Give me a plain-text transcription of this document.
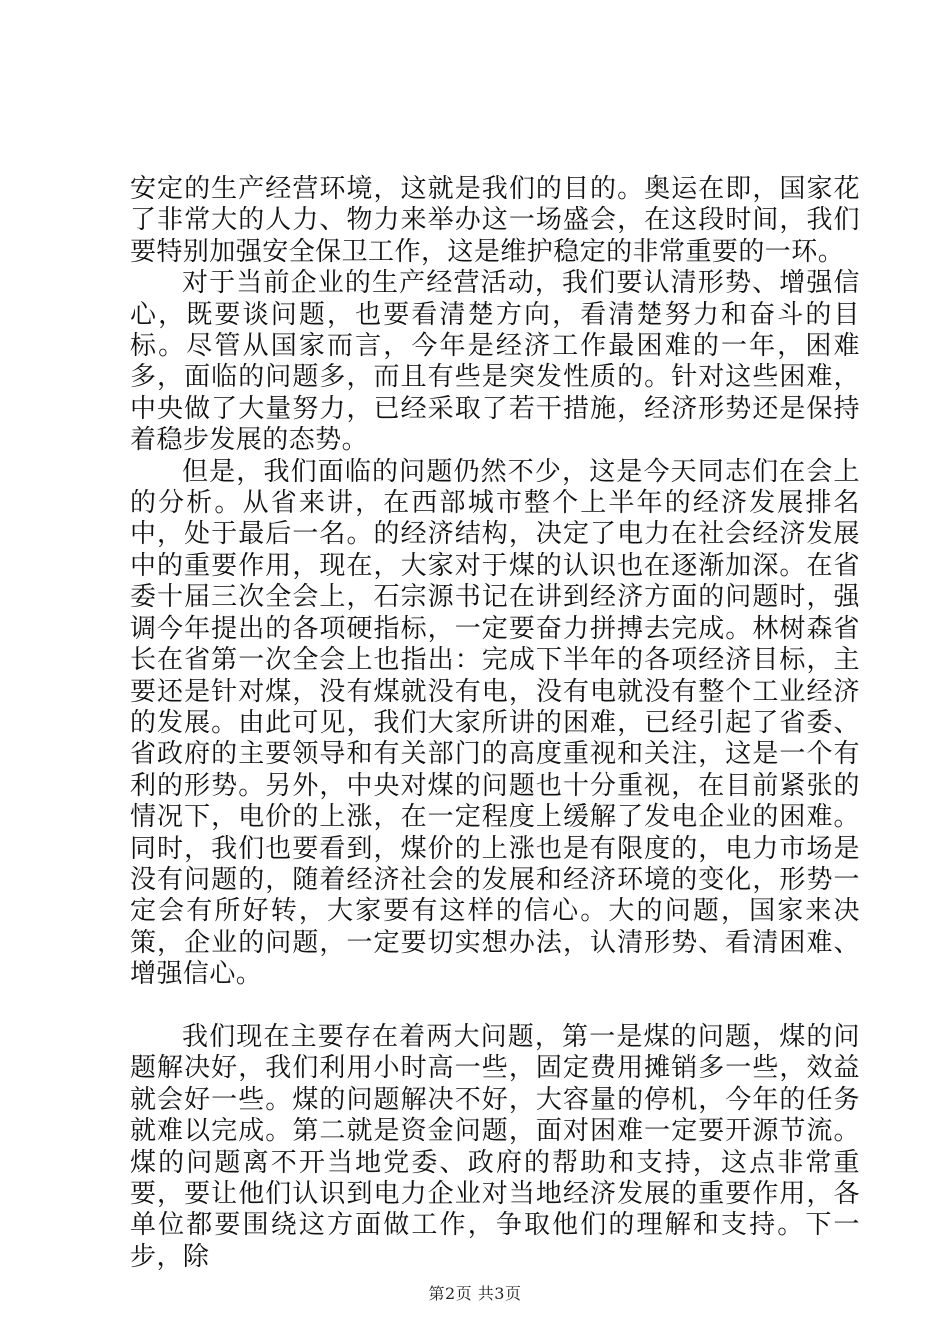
安定的生产经营环境，这就是我们的目的。奥运在即，国家花了非常大的人力、物力来举办这一场盛会，在这段时间，我们要特别加强安全保卫工作，这是维护稳定的非常重要的一环。

对于当前企业的生产经营活动，我们要认清形势、增强信心，既要谈问题，也要看清楚方向，看清楚努力和奋斗的目标。尽管从国家而言，今年是经济工作最困难的一年，困难多，面临的问题多，而且有些是突发性质的。针对这些困难，中央做了大量努力，已经采取了若干措施，经济形势还是保持着稳步发展的态势。

但是，我们面临的问题仍然不少，这是今天同志们在会上的分析。从省来讲，在西部城市整个上半年的经济发展排名中，处于最后一名。的经济结构，决定了电力在社会经济发展中的重要作用，现在，大家对于煤的认识也在逐渐加深。在省委十届三次全会上，石宗源书记在讲到经济方面的问题时，强调今年提出的各项硬指标，一定要奋力拼搏去完成。林树森省长在省第一次全会上也指出：完成下半年的各项经济目标，主要还是针对煤，没有煤就没有电，没有电就没有整个工业经济的发展。由此可见，我们大家所讲的困难，已经引起了省委、省政府的主要领导和有关部门的高度重视和关注，这是一个有利的形势。另外，中央对煤的问题也十分重视，在目前紧张的情况下，电价的上涨，在一定程度上缓解了发电企业的困难。同时，我们也要看到，煤价的上涨也是有限度的，电力市场是没有问题的，随着经济社会的发展和经济环境的变化，形势一定会有所好转，大家要有这样的信心。大的问题，国家来决策，企业的问题，一定要切实想办法，认清形势、看清困难、增强信心。

我们现在主要存在着两大问题，第一是煤的问题，煤的问题解决好，我们利用小时高一些，固定费用摊销多一些，效益就会好一些。煤的问题解决不好，大容量的停机，今年的任务就难以完成。第二就是资金问题，面对困难一定要开源节流。煤的问题离不开当地党委、政府的帮助和支持，这点非常重要，要让他们认识到电力企业对当地经济发展的重要作用，各单位都要围绕这方面做工作，争取他们的理解和支持。下一步，除

第2页 共3页
